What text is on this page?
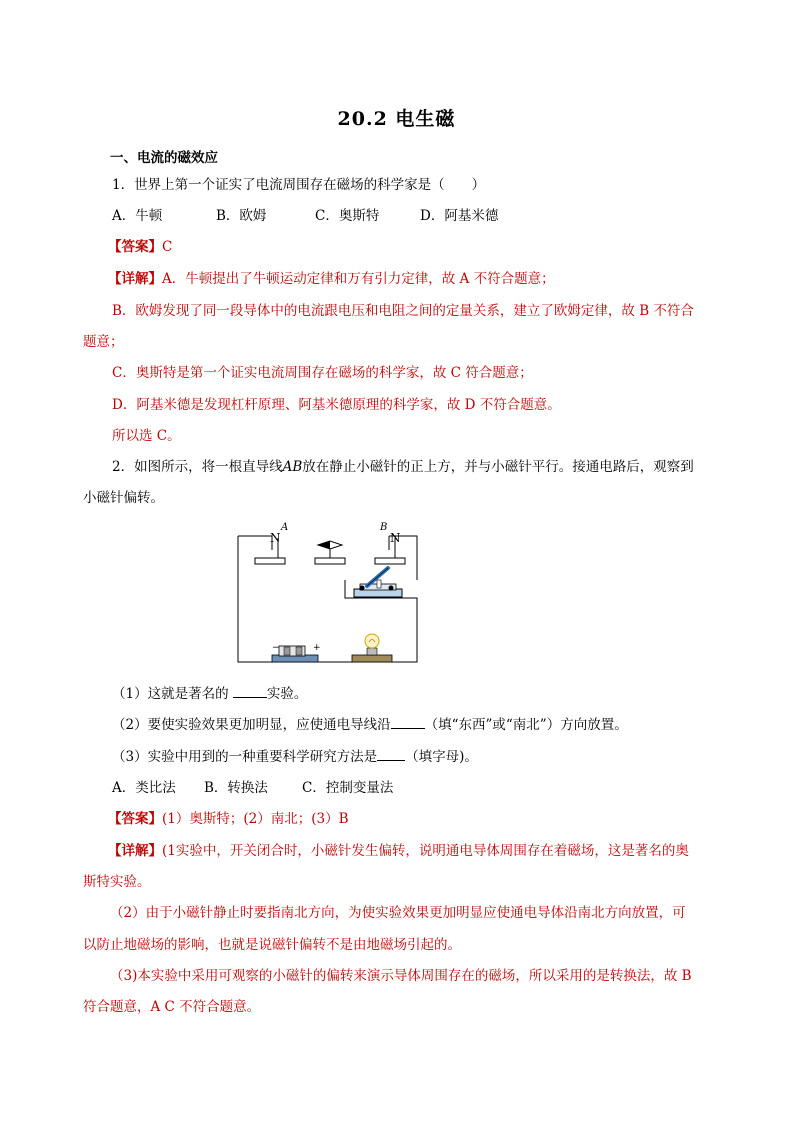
20.2 电生磁
一、电流的磁效应
1．世界上第一个证实了电流周围存在磁场的科学家是（　　）
A．牛顿	B．欧姆	C．奥斯特	D．阿基米德
【答案】C
【详解】A．牛顿提出了牛顿运动定律和万有引力定律，故 A 不符合题意；
B．欧姆发现了同一段导体中的电流跟电压和电阻之间的定量关系，建立了欧姆定律，故 B 不符合
题意；
C．奥斯特是第一个证实电流周围存在磁场的科学家，故 C 符合题意；
D．阿基米德是发现杠杆原理、阿基米德原理的科学家，故 D 不符合题意。
所以选 C。
2．如图所示，将一根直导线AB放在静止小磁针的正上方，并与小磁针平行。接通电路后，观察到
小磁针偏转。
N
A	B
N
−	+
（1）这就是著名的	实验。
（2）要使实验效果更加明显，应使通电导线沿	（填“东西”或“南北”）方向放置。
（3）实验中用到的一种重要科学研究方法是 （填字母)。
A．类比法 B．转换法	C．控制变量法
【答案】(1）奥斯特；(2）南北；(3）B
【详解】(1实验中，开关闭合时，小磁针发生偏转，说明通电导体周围存在着磁场，这是著名的奥
斯特实验。
（2）由于小磁针静止时要指南北方向，为使实验效果更加明显应使通电导体沿南北方向放置，可
以防止地磁场的影响，也就是说磁针偏转不是由地磁场引起的。
（3)本实验中采用可观察的小磁针的偏转来演示导体周围存在的磁场，所以采用的是转换法，故 B
符合题意，A C 不符合题意。
